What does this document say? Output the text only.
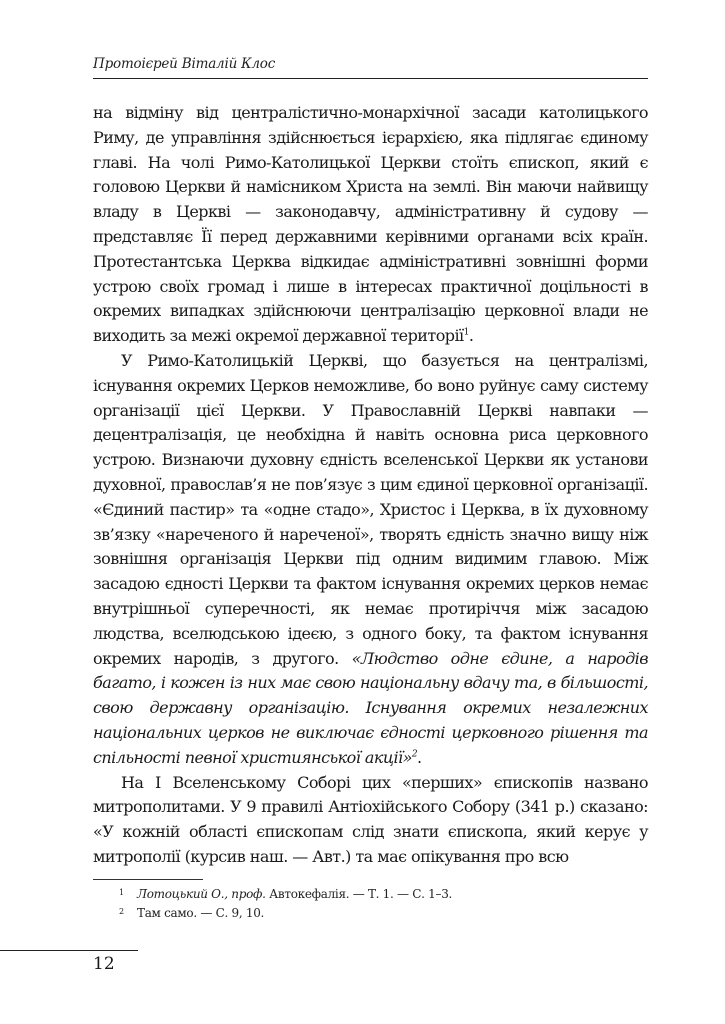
Протоієрей Віталій Клос

на відміну від централістично-монархічної засади католицького Риму, де управління здійснюється ієрархією, яка підлягає єдиному главі. На чолі Римо-Католицької Церкви стоїть єпископ, який є головою Церкви й намісником Христа на землі. Він маючи найвищу владу в Церкві — законодавчу, адміністративну й судову — представляє Її перед державними керівними органами всіх країн. Протестантська Церква відкидає адміністративні зовнішні форми устрою своїх громад і лише в інтересах практичної доцільності в окремих випадках здійснюючи централізацію церковної влади не виходить за межі окремої державної території$^1$.

У Римо-Католицькій Церкві, що базується на централізмі, існування окремих Церков неможливе, бо воно руйнує саму систему організації цієї Церкви. У Православній Церкві навпаки — децентралізація, це необхідна й навіть основна риса церковного устрою. Визнаючи духовну єдність вселенської Церкви як установи духовної, православ’я не пов’язує з цим єдиної церковної організації. «Єдиний пастир» та «одне стадо», Христос і Церква, в їх духовному зв’язку «нареченого й нареченої», творять єдність значно вищу ніж зовнішня організація Церкви під одним видимим главою. Між засадою єдності Церкви та фактом існування окремих церков немає внутрішньої суперечності, як немає протиріччя між засадою людства, вселюдською ідеєю, з одного боку, та фактом існування окремих народів, з другого. «Людство одне єдине, а народів багато, і кожен із них має свою національну вдачу та, в більшості, свою державну організацію. Існування окремих незалежних національних церков не виключає єдності церковного рішення та спільності певної християнської акції»$^2$.

На I Вселенському Соборі цих «перших» єпископів названо митрополитами. У 9 правилі Антіохійського Собору (341 р.) сказано: «У кожній області єпископам слід знати єпископа, який керує у митрополії (курсив наш. — Авт.) та має опікування про всю

1 Лотоцький О., проф. Автокефалія. — Т. 1. — С. 1–3.
2 Там само. — С. 9, 10.
12
